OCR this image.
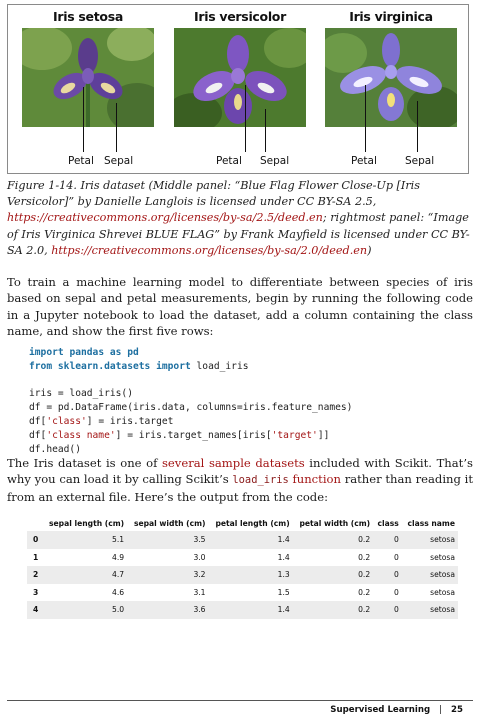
Iris setosa
Petal Sepal
Iris versicolor
Petal Sepal
Iris virginica
Petal	Sepal

Figure 1-14. Iris dataset (Middle panel: “Blue Flag Flower Close-Up [Iris Versicolor]” by Danielle Langlois is licensed under CC BY-SA 2.5, https://creativecommons.org/licenses/by-sa/2.5/deed.en; rightmost panel: “Image of Iris Virginica Shrevei BLUE FLAG” by Frank Mayfield is licensed under CC BY-SA 2.0, https://creativecommons.org/licenses/by-sa/2.0/deed.en)

To train a machine learning model to differentiate between species of iris based on sepal and petal measurements, begin by running the following code in a Jupyter notebook to load the dataset, add a column containing the class name, and show the first five rows:

import pandas as pd
from sklearn.datasets import load_iris
iris = load_iris()
df = pd.DataFrame(iris.data, columns=iris.feature_names)
df['class'] = iris.target
df['class name'] = iris.target_names[iris['target']]
df.head()

The Iris dataset is one of several sample datasets included with Scikit. That’s why you can load it by calling Scikit’s load_iris function rather than reading it from an external file. Here’s the output from the code:

	sepal length (cm)	sepal width (cm)	petal length (cm)	petal width (cm)	class	class name
0	5.1	3.5	1.4	0.2	0	setosa
1	4.9	3.0	1.4	0.2	0	setosa
2	4.7	3.2	1.3	0.2	0	setosa
3	4.6	3.1	1.5	0.2	0	setosa
4	5.0	3.6	1.4	0.2	0	setosa
Supervised Learning | 25
